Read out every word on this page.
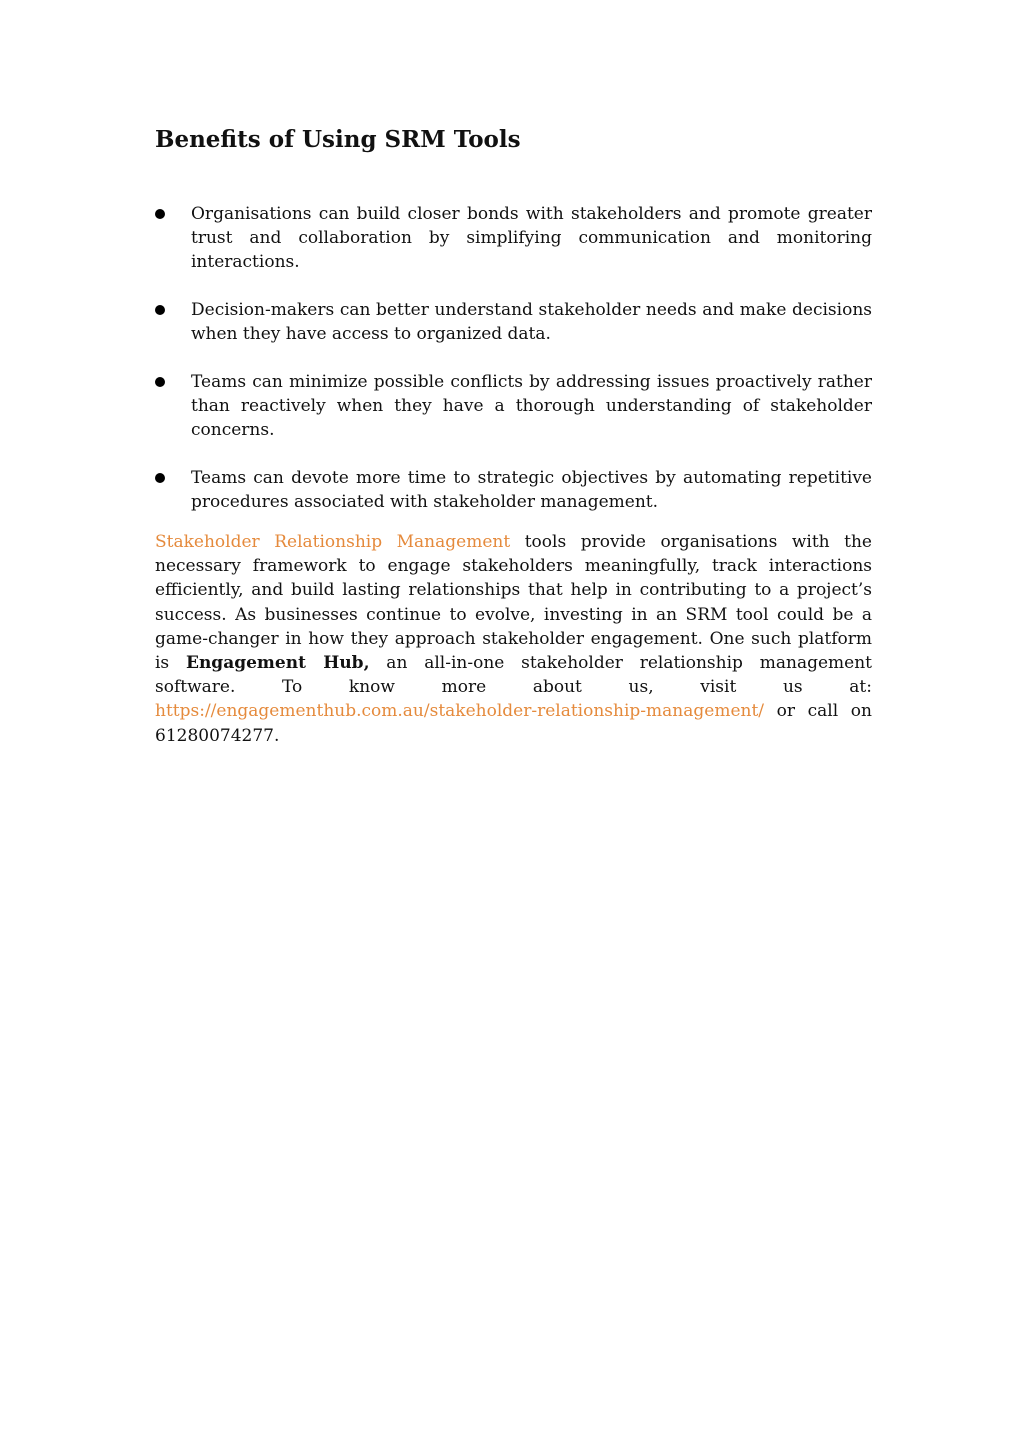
Benefits of Using SRM Tools
Organisations can build closer bonds with stakeholders and promote greater trust and collaboration by simplifying communication and monitoring interactions.
Decision-makers can better understand stakeholder needs and make decisions when they have access to organized data.
Teams can minimize possible conflicts by addressing issues proactively rather than reactively when they have a thorough understanding of stakeholder concerns.
Teams can devote more time to strategic objectives by automating repetitive procedures associated with stakeholder management.

Stakeholder Relationship Management tools provide organisations with the necessary framework to engage stakeholders meaningfully, track interactions efficiently, and build lasting relationships that help in contributing to a project’s success. As businesses continue to evolve, investing in an SRM tool could be a game-changer in how they approach stakeholder engagement. One such platform is Engagement Hub, an all-in-one stakeholder relationship management software. To know more about us, visit us at: https://engagementhub.com.au/stakeholder-relationship-management/ or call on 61280074277.
